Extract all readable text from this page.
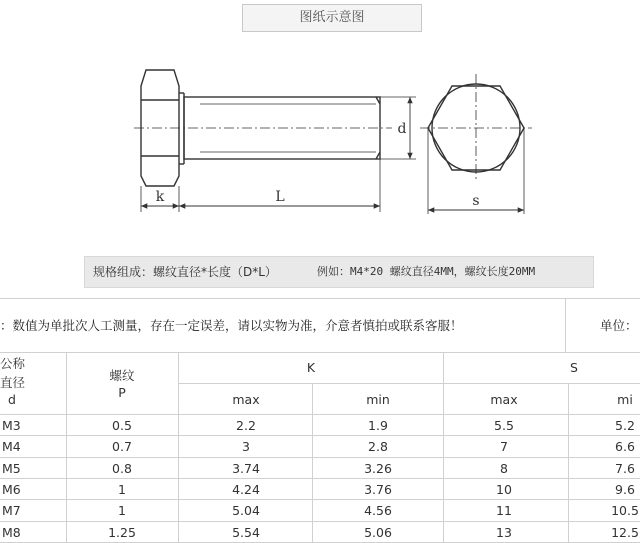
图纸示意图
k	L
d
s
规格组成：螺纹直径*长度（D*L）	例如：M4*20 螺纹直径4MM，螺纹长度20MM
：数值为单批次人工测量，存在一定误差，请以实物为准，介意者慎拍或联系客服！	单位：
公称
直径
d
螺纹
P
K	S
max	min	max	mi
M3	0.5	2.2	1.9	5.5	5.2
M4	0.7	3	2.8	7	6.6
M5	0.8	3.74	3.26	8	7.6
M6	1	4.24	3.76	10	9.6
M7	1	5.04	4.56	11	10.5
M8	1.25	5.54	5.06	13	12.5
